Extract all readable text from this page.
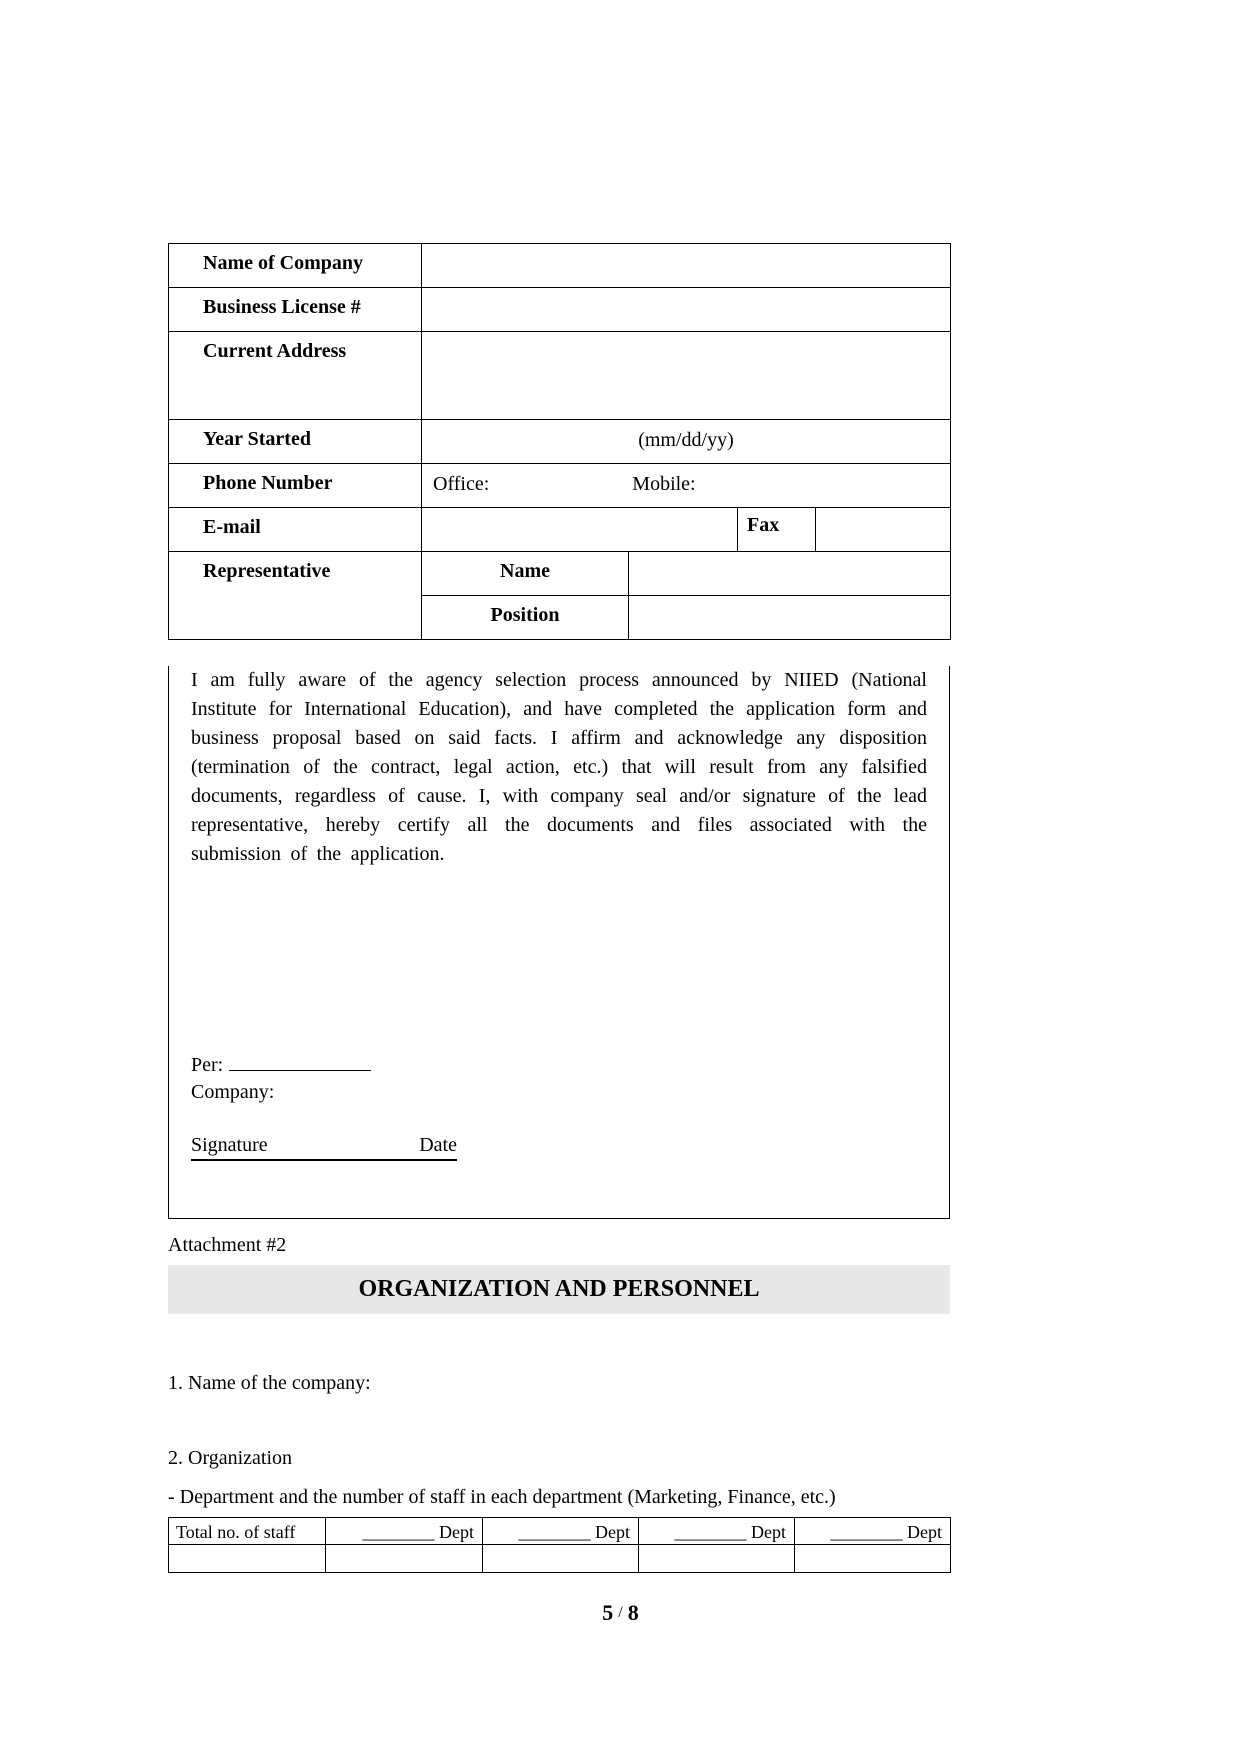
Name of Company				
Business License #				
Current Address				
Year Started	(mm/dd/yy)			
Phone Number	Office: Mobile:			
E-mail			Fax	
Representative	Name			
	Position			

I am fully aware of the agency selection process announced by NIIED (National Institute for International Education), and have completed the application form and business proposal based on said facts. I affirm and acknowledge any disposition (termination of the contract, legal action, etc.) that will result from any falsified documents, regardless of cause. I, with company seal and/or signature of the lead representative, hereby certify all the documents and files associated with the submission of the application.

Per:
Company:
Signature	Date
Attachment #2
ORGANIZATION AND PERSONNEL
1. Name of the company:
2. Organization
- Department and the number of staff in each department (Marketing, Finance, etc.)
Total no. of staff	________ Dept	________ Dept	________ Dept	________ Dept

5 / 8
